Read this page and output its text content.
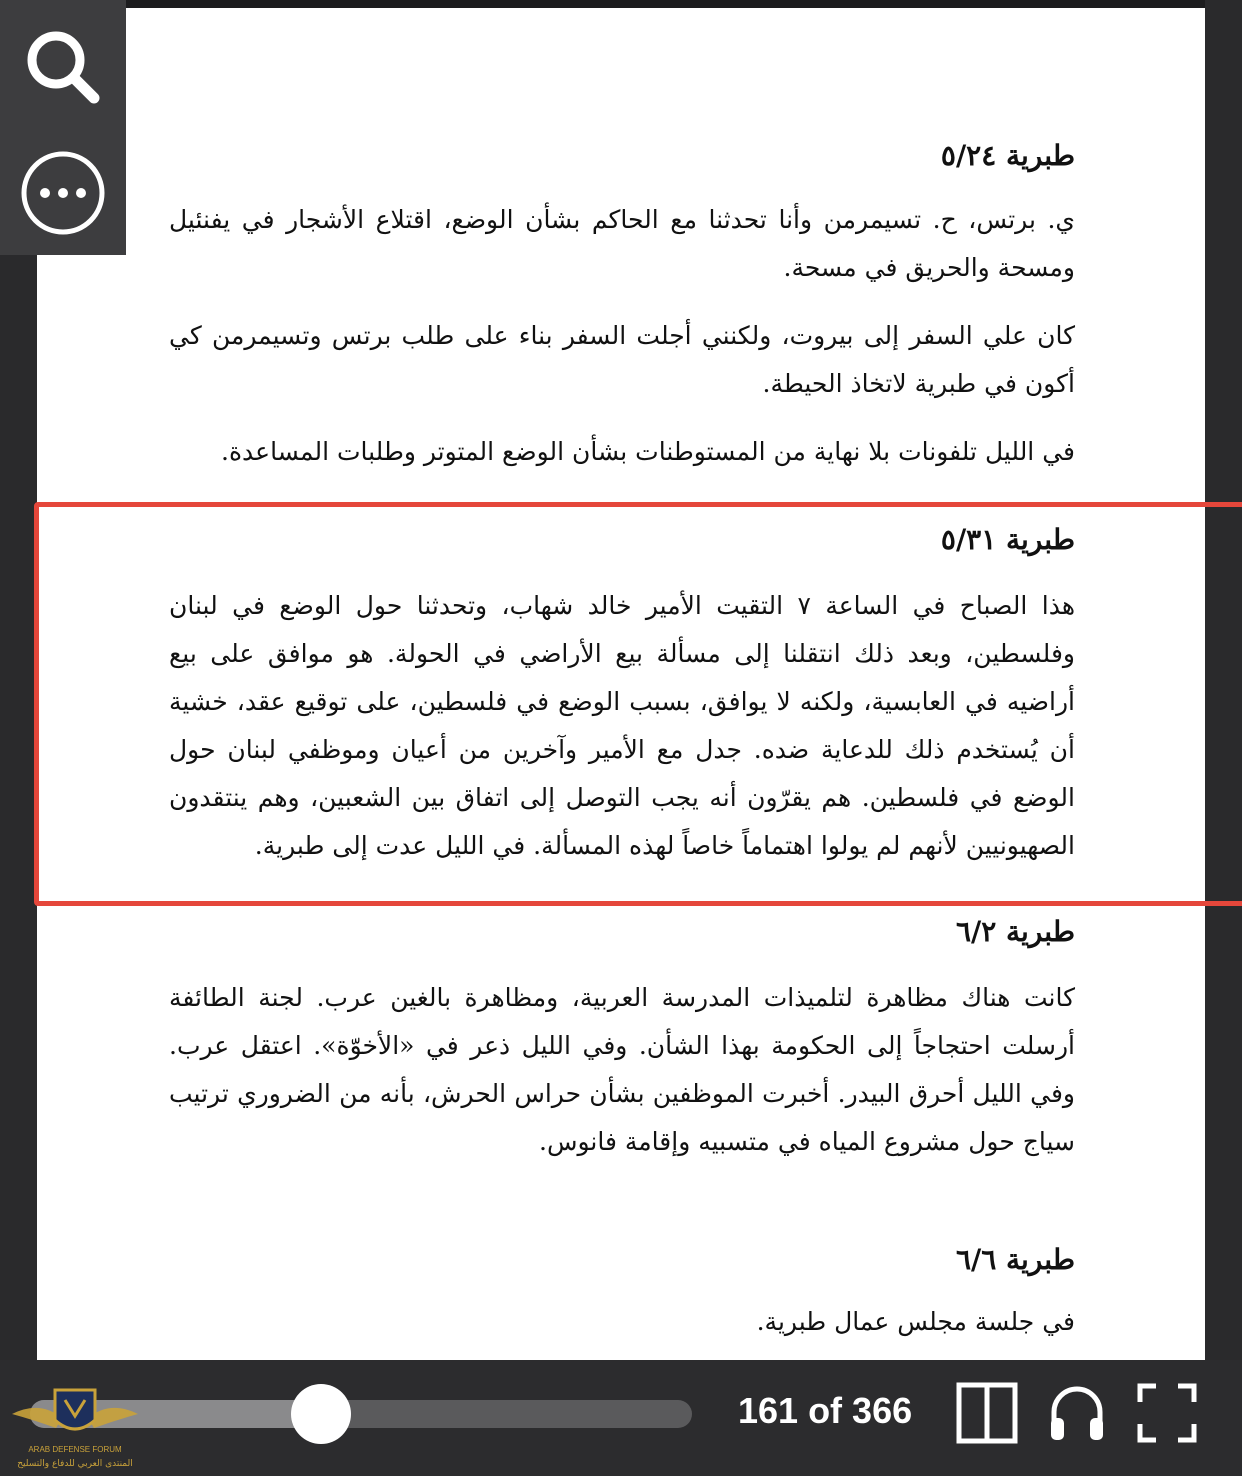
طبرية ٥/٢٤

ي. برتس، ح. تسيمرمن وأنا تحدثنا مع الحاكم بشأن الوضع، اقتلاع الأشجار في يفنئيل ومسحة والحريق في مسحة.

كان علي السفر إلى بيروت، ولكنني أجلت السفر بناء على طلب برتس وتسيمرمن كي أكون في طبرية لاتخاذ الحيطة.

في الليل تلفونات بلا نهاية من المستوطنات بشأن الوضع المتوتر وطلبات المساعدة.

طبرية ٥/٣١

هذا الصباح في الساعة ٧ التقيت الأمير خالد شهاب، وتحدثنا حول الوضع في لبنان وفلسطين، وبعد ذلك انتقلنا إلى مسألة بيع الأراضي في الحولة. هو موافق على بيع أراضيه في العابسية، ولكنه لا يوافق، بسبب الوضع في فلسطين، على توقيع عقد، خشية أن يُستخدم ذلك للدعاية ضده. جدل مع الأمير وآخرين من أعيان وموظفي لبنان حول الوضع في فلسطين. هم يقرّون أنه يجب التوصل إلى اتفاق بين الشعبين، وهم ينتقدون الصهيونيين لأنهم لم يولوا اهتماماً خاصاً لهذه المسألة. في الليل عدت إلى طبرية.

طبرية ٦/٢

كانت هناك مظاهرة لتلميذات المدرسة العربية، ومظاهرة بالغين عرب. لجنة الطائفة أرسلت احتجاجاً إلى الحكومة بهذا الشأن. وفي الليل ذعر في «الأخوّة». اعتقل عرب. وفي الليل أحرق البيدر. أخبرت الموظفين بشأن حراس الحرش، بأنه من الضروري ترتيب سياج حول مشروع المياه في متسبيه وإقامة فانوس.

طبرية ٦/٦

في جلسة مجلس عمال طبرية.

161 of 366
ARAB DEFENSE FORUM
المنتدى العربي للدفاع والتسليح
